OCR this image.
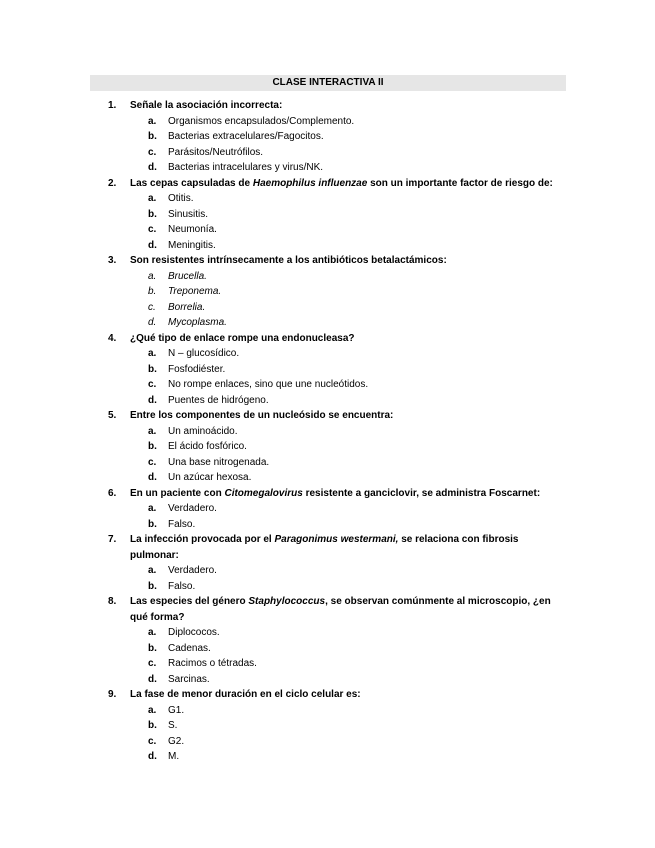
CLASE INTERACTIVA II
1.	Señale la asociación incorrecta:
a.	Organismos encapsulados/Complemento.
b.	Bacterias extracelulares/Fagocitos.
c.	Parásitos/Neutrófilos.
d.	Bacterias intracelulares y virus/NK.
2.	Las cepas capsuladas de Haemophilus influenzae son un importante factor de riesgo de:
a.	Otitis.
b.	Sinusitis.
c.	Neumonía.
d.	Meningitis.
3.	Son resistentes intrínsecamente a los antibióticos betalactámicos:
a.	Brucella.
b.	Treponema.
c.	Borrelia.
d.	Mycoplasma.
4.	¿Qué tipo de enlace rompe una endonucleasa?
a.	N – glucosídico.
b.	Fosfodiéster.
c.	No rompe enlaces, sino que une nucleótidos.
d.	Puentes de hidrógeno.
5.	Entre los componentes de un nucleósido se encuentra:
a.	Un aminoácido.
b.	El ácido fosfórico.
c.	Una base nitrogenada.
d.	Un azúcar hexosa.
6.	En un paciente con Citomegalovirus resistente a ganciclovir, se administra Foscarnet:
a.	Verdadero.
b.	Falso.
7.	La infección provocada por el Paragonimus westermani, se relaciona con fibrosis pulmonar:
a.	Verdadero.
b.	Falso.
8.	Las especies del género Staphylococcus, se observan comúnmente al microscopio, ¿en qué forma?
a.	Diplococos.
b.	Cadenas.
c.	Racimos o tétradas.
d.	Sarcinas.
9.	La fase de menor duración en el ciclo celular es:
a.	G1.
b.	S.
c.	G2.
d.	M.
